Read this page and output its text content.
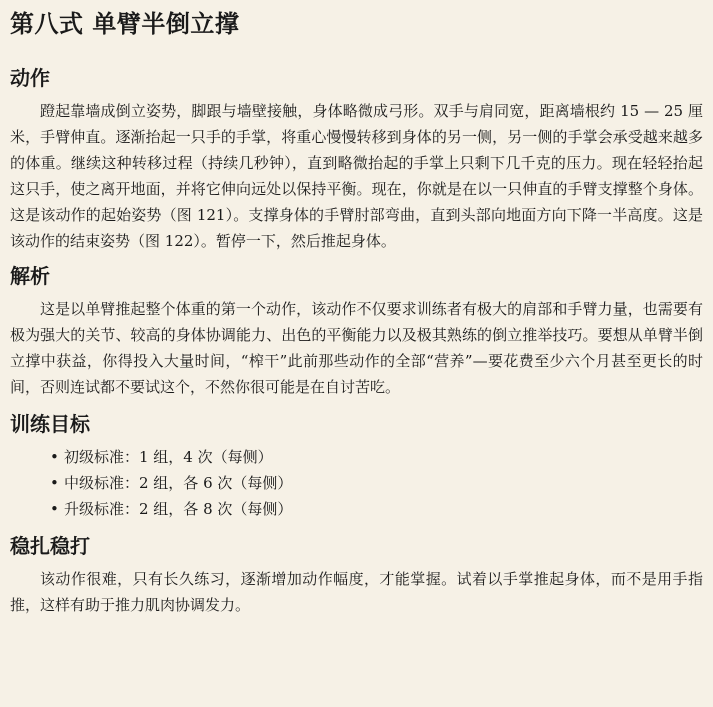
第八式 单臂半倒立撑
动作

蹬起靠墙成倒立姿势，脚跟与墙壁接触，身体略微成弓形。双手与肩同宽，距离墙根约 15 — 25 厘米，手臂伸直。逐渐抬起一只手的手掌，将重心慢慢转移到身体的另一侧，另一侧的手掌会承受越来越多的体重。继续这种转移过程（持续几秒钟），直到略微抬起的手掌上只剩下几千克的压力。现在轻轻抬起这只手，使之离开地面，并将它伸向远处以保持平衡。现在，你就是在以一只伸直的手臂支撑整个身体。这是该动作的起始姿势（图 121）。支撑身体的手臂肘部弯曲，直到头部向地面方向下降一半高度。这是该动作的结束姿势（图 122）。暂停一下，然后推起身体。

解析

这是以单臂推起整个体重的第一个动作，该动作不仅要求训练者有极大的肩部和手臂力量，也需要有极为强大的关节、较高的身体协调能力、出色的平衡能力以及极其熟练的倒立推举技巧。要想从单臂半倒立撑中获益，你得投入大量时间，“榨干”此前那些动作的全部“营养”—要花费至少六个月甚至更长的时间，否则连试都不要试这个，不然你很可能是在自讨苦吃。

训练目标
• 初级标准：1 组，4 次（每侧）
• 中级标准：2 组，各 6 次（每侧）
• 升级标准：2 组，各 8 次（每侧）
稳扎稳打

该动作很难，只有长久练习，逐渐增加动作幅度，才能掌握。试着以手掌推起身体，而不是用手指推，这样有助于推力肌肉协调发力。
